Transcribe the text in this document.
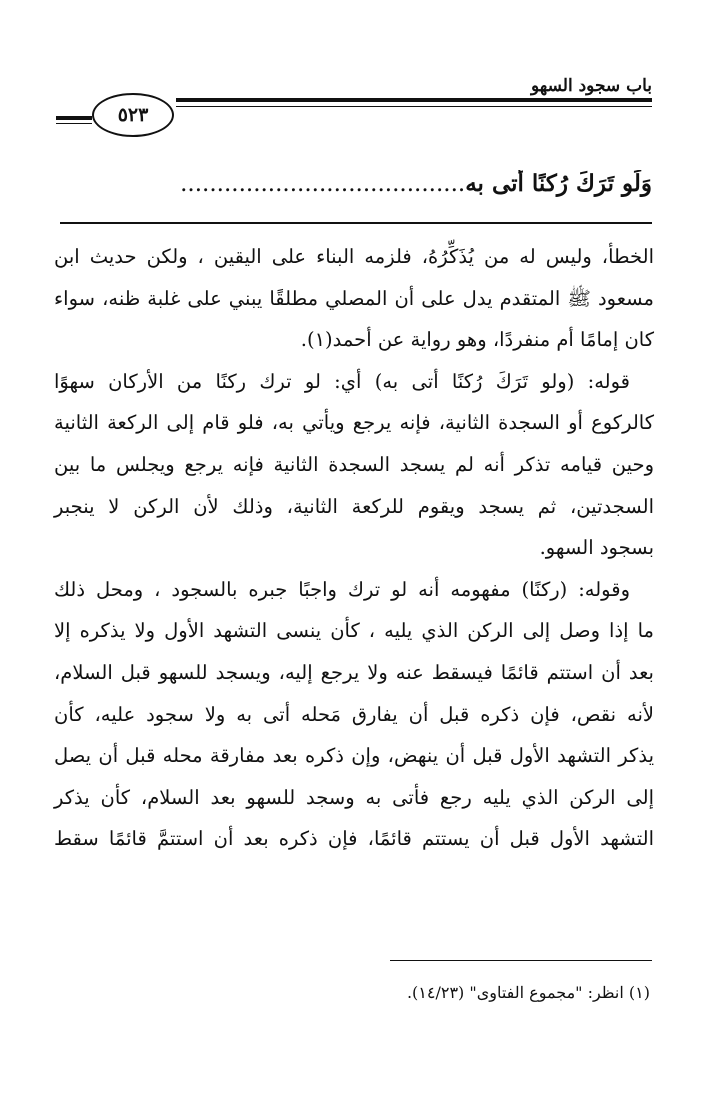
باب سجود السهو
٥٢٣
وَلَو تَرَكَ رُكنًا أتى به.......................................
الخطأ، وليس له من يُذَكِّرُهُ، فلزمه البناء على اليقين ، ولكن حديث ابن
مسعود ﷺ المتقدم يدل على أن المصلي مطلقًا يبني على غلبة ظنه، سواء
كان إمامًا أم منفردًا، وهو رواية عن أحمد(١).
قوله: (ولو تَرَكَ رُكنًا أتى به) أي: لو ترك ركنًا من الأركان سهوًا
كالركوع أو السجدة الثانية، فإنه يرجع ويأتي به، فلو قام إلى الركعة الثانية
وحين قيامه تذكر أنه لم يسجد السجدة الثانية فإنه يرجع ويجلس ما بين
السجدتين، ثم يسجد ويقوم للركعة الثانية، وذلك لأن الركن لا ينجبر
بسجود السهو.
وقوله: (ركنًا) مفهومه أنه لو ترك واجبًا جبره بالسجود ، ومحل ذلك
ما إذا وصل إلى الركن الذي يليه ، كأن ينسى التشهد الأول ولا يذكره إلا
بعد أن استتم قائمًا فيسقط عنه ولا يرجع إليه، ويسجد للسهو قبل السلام،
لأنه نقص، فإن ذكره قبل أن يفارق مَحله أتى به ولا سجود عليه، كأن
يذكر التشهد الأول قبل أن ينهض، وإن ذكره بعد مفارقة محله قبل أن يصل
إلى الركن الذي يليه رجع فأتى به وسجد للسهو بعد السلام، كأن يذكر
التشهد الأول قبل أن يستتم قائمًا، فإن ذكره بعد أن استتمَّ قائمًا سقط
(١) انظر: "مجموع الفتاوى" (١٤/٢٣).
